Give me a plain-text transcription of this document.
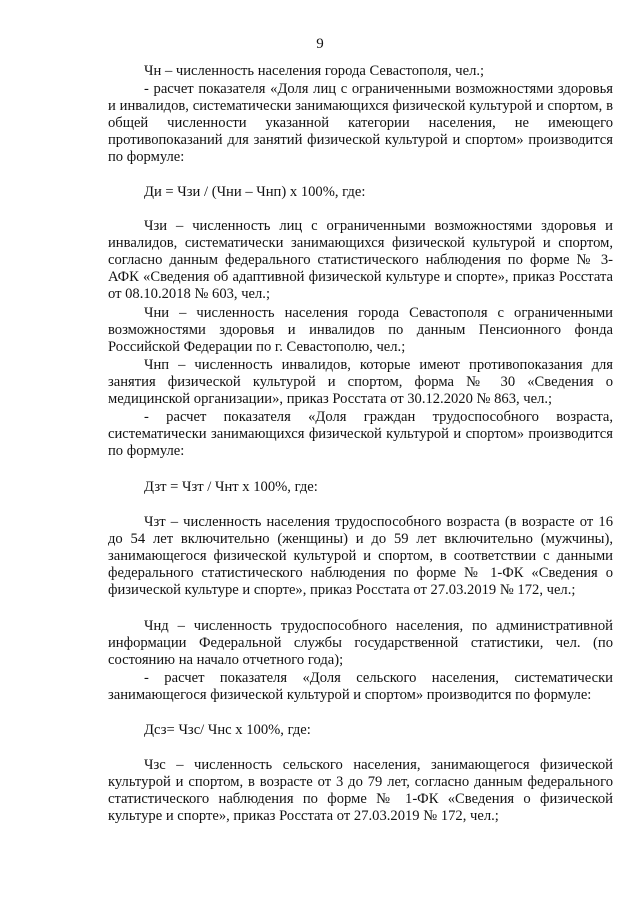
9

Чн – численность населения города Севастополя, чел.;

- расчет показателя «Доля лиц с ограниченными возможностями здоровья и инвалидов, систематически занимающихся физической культурой и спортом, в общей численности указанной категории населения, не имеющего противопоказаний для занятий физической культурой и спортом» производится по формуле:

Ди = Чзи / (Чни – Чнп) х 100%, где:

Чзи – численность лиц с ограниченными возможностями здоровья и инвалидов, систематически занимающихся физической культурой и спортом, согласно данным федерального статистического наблюдения по форме № 3-АФК «Сведения об адаптивной физической культуре и спорте», приказ Росстата от 08.10.2018 № 603, чел.;

Чни – численность населения города Севастополя с ограниченными возможностями здоровья и инвалидов по данным Пенсионного фонда Российской Федерации по г. Севастополю, чел.;

Чнп – численность инвалидов, которые имеют противопоказания для занятия физической культурой и спортом, форма № 30 «Сведения о медицинской организации», приказ Росстата от 30.12.2020 № 863, чел.;

- расчет показателя «Доля граждан трудоспособного возраста, систематически занимающихся физической культурой и спортом» производится по формуле:

Дзт = Чзт / Чнт х 100%, где:

Чзт – численность населения трудоспособного возраста (в возрасте от 16 до 54 лет включительно (женщины) и до 59 лет включительно (мужчины), занимающегося физической культурой и спортом, в соответствии с данными федерального статистического наблюдения по форме № 1-ФК «Сведения о физической культуре и спорте», приказ Росстата от 27.03.2019 № 172, чел.;

Чнд – численность трудоспособного населения, по административной информации Федеральной службы государственной статистики, чел. (по состоянию на начало отчетного года);

- расчет показателя «Доля сельского населения, систематически занимающегося физической культурой и спортом» производится по формуле:

Дсз= Чзс/ Чнс х 100%, где:

Чзс – численность сельского населения, занимающегося физической культурой и спортом, в возрасте от 3 до 79 лет, согласно данным федерального статистического наблюдения по форме № 1-ФК «Сведения о физической культуре и спорте», приказ Росстата от 27.03.2019 № 172, чел.;
